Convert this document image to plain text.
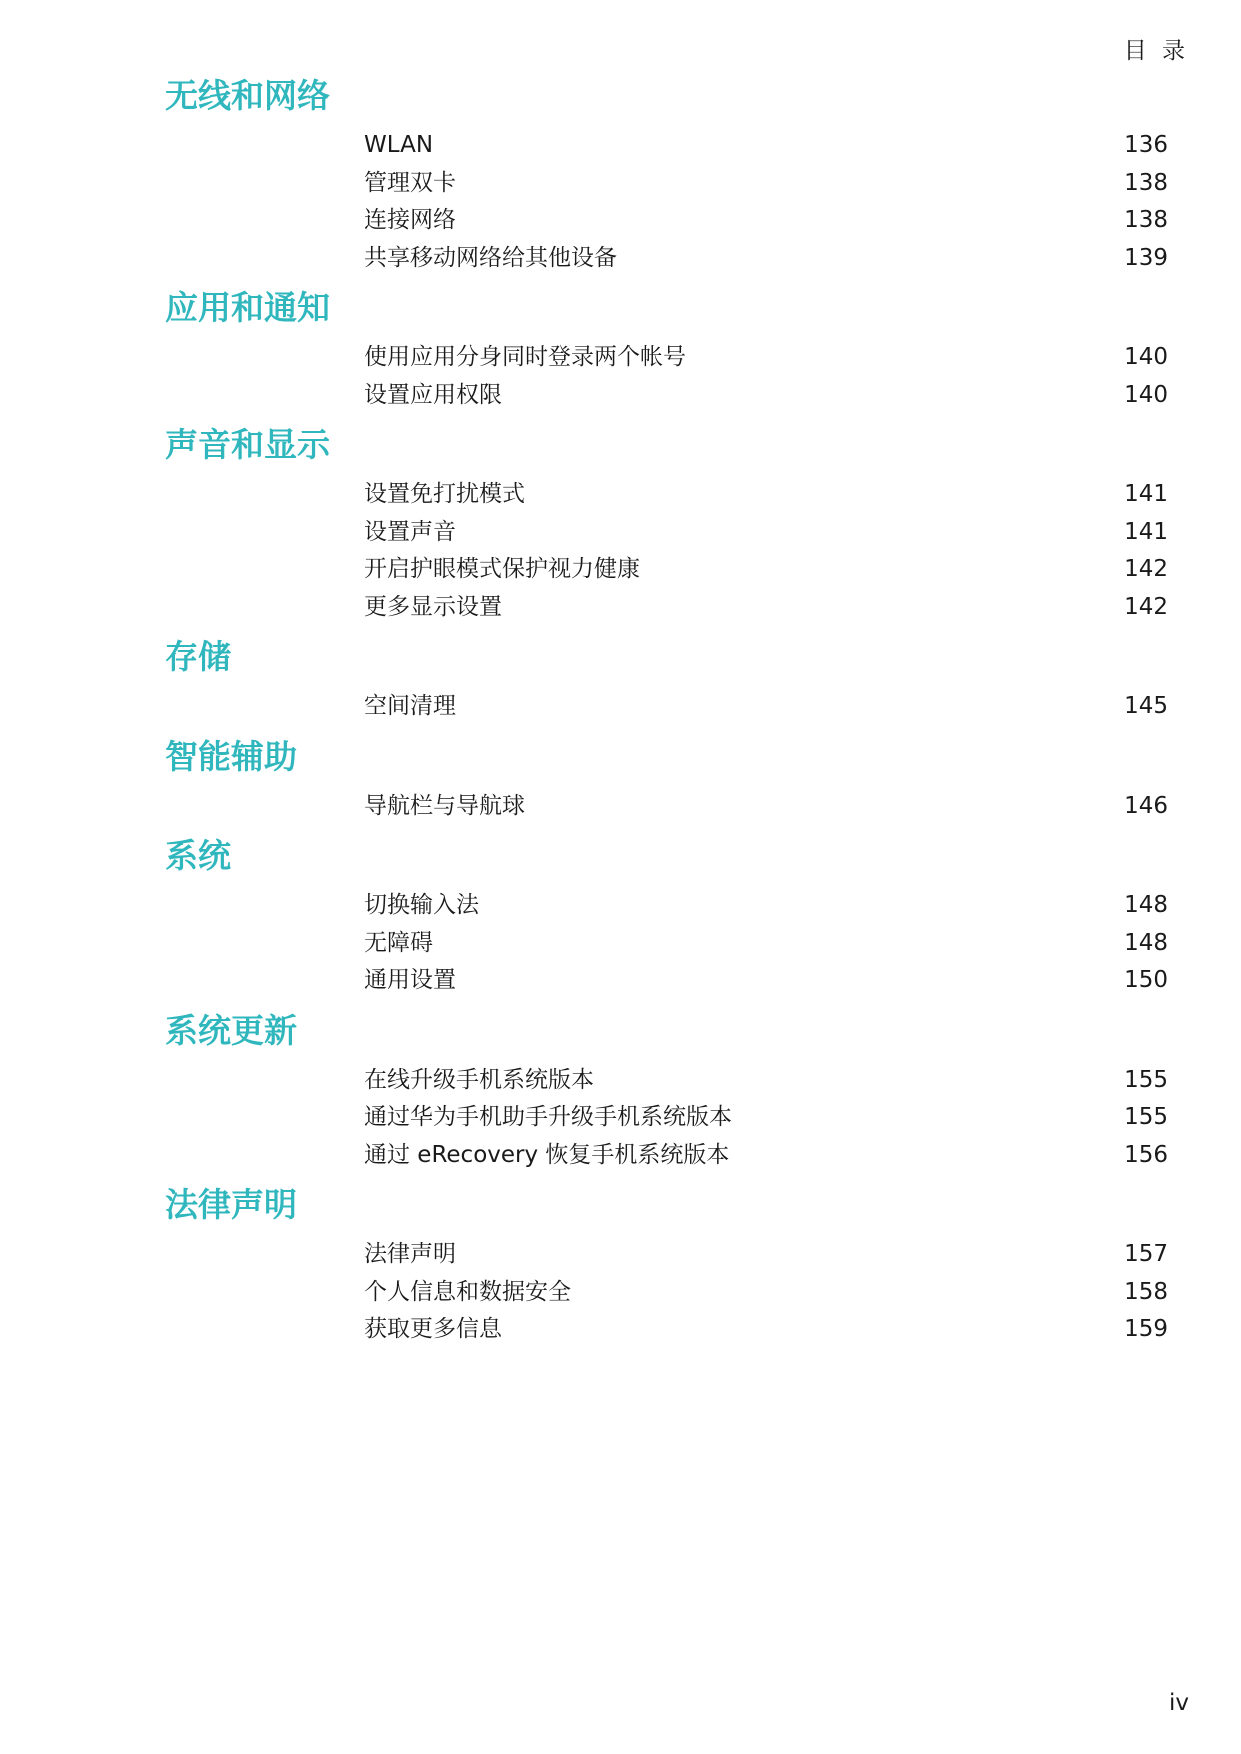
目 录
无线和网络
WLAN	136
管理双卡	138
连接网络	138
共享移动网络给其他设备	139
应用和通知
使用应用分身同时登录两个帐号	140
设置应用权限	140
声音和显示
设置免打扰模式	141
设置声音	141
开启护眼模式保护视力健康	142
更多显示设置	142
存储
空间清理	145
智能辅助
导航栏与导航球	146
系统
切换输入法	148
无障碍	148
通用设置	150
系统更新
在线升级手机系统版本	155
通过华为手机助手升级手机系统版本	155
通过 eRecovery 恢复手机系统版本	156
法律声明
法律声明	157
个人信息和数据安全	158
获取更多信息	159
iv
